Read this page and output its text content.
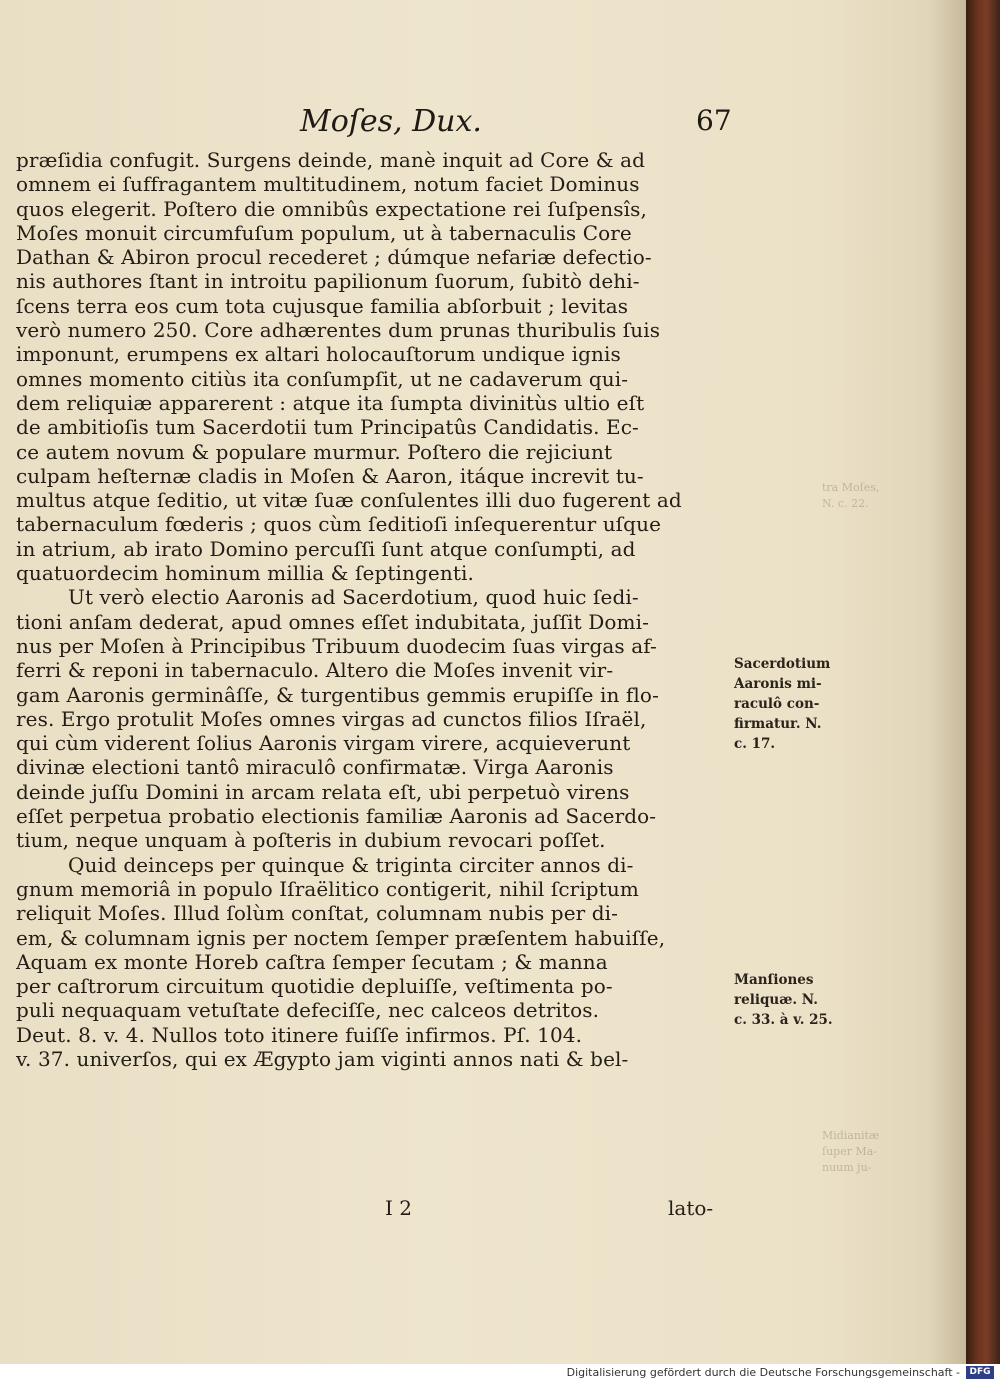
Moſes, Dux.	67
præſidia confugit. Surgens deinde, manè inquit ad Core & ad
omnem ei ſuffragantem multitudinem, notum faciet Dominus
quos elegerit. Poſtero die omnibûs expectatione rei ſuſpensîs,
Moſes monuit circumfuſum populum, ut à tabernaculis Core
Dathan & Abiron procul recederet ; dúmque nefariæ defectio-
nis authores ſtant in introitu papilionum ſuorum, ſubitò dehi-
ſcens terra eos cum tota cujusque familia abſorbuit ; levitas
verò numero 250. Core adhærentes dum prunas thuribulis ſuis
imponunt, erumpens ex altari holocauſtorum undique ignis
omnes momento citiùs ita conſumpſit, ut ne cadaverum qui-
dem reliquiæ apparerent : atque ita ſumpta divinitùs ultio eſt
de ambitioſis tum Sacerdotii tum Principatûs Candidatis. Ec-
ce autem novum & populare murmur. Poſtero die rejiciunt
culpam heſternæ cladis in Moſen & Aaron, itáque increvit tu-
multus atque ſeditio, ut vitæ ſuæ conſulentes illi duo fugerent ad
tabernaculum fœderis ; quos cùm ſeditioſi inſequerentur uſque
in atrium, ab irato Domino percuſſi ſunt atque conſumpti, ad
quatuordecim hominum millia & ſeptingenti.
Ut verò electio Aaronis ad Sacerdotium, quod huic ſedi-
tioni anſam dederat, apud omnes eſſet indubitata, juſſit Domi-
nus per Moſen à Principibus Tribuum duodecim ſuas virgas af-
ferri & reponi in tabernaculo. Altero die Moſes invenit vir-
gam Aaronis germinâſſe, & turgentibus gemmis erupiſſe in flo-
res. Ergo protulit Moſes omnes virgas ad cunctos filios Iſraël,
qui cùm viderent ſolius Aaronis virgam virere, acquieverunt
divinæ electioni tantô miraculô confirmatæ. Virga Aaronis
deinde juſſu Domini in arcam relata eſt, ubi perpetuò virens
eſſet perpetua probatio electionis familiæ Aaronis ad Sacerdo-
tium, neque unquam à poſteris in dubium revocari poſſet.
Quid deinceps per quinque & triginta circiter annos di-
gnum memoriâ in populo Iſraëlitico contigerit, nihil ſcriptum
reliquit Moſes. Illud ſolùm conſtat, columnam nubis per di-
em, & columnam ignis per noctem ſemper præſentem habuiſſe,
Aquam ex monte Horeb caſtra ſemper ſecutam ; & manna
per caſtrorum circuitum quotidie depluiſſe, veſtimenta po-
puli nequaquam vetuſtate defeciſſe, nec calceos detritos.
Deut. 8. v. 4. Nullos toto itinere fuiſſe infirmos. Pſ. 104.
v. 37. univerſos, qui ex Ægypto jam viginti annos nati & bel-
Sacerdotium
Aaronis mi-
raculô con-
firmatur. N.
c. 17.
Manſiones
reliquæ. N.
c. 33. à v. 25.
tra Moſes,
N. c. 22.
Midianitæ
ſuper Ma-
nuum ju-
I 2	lato-
Digitalisierung gefördert durch die Deutsche Forschungsgemeinschaft -	DFG
